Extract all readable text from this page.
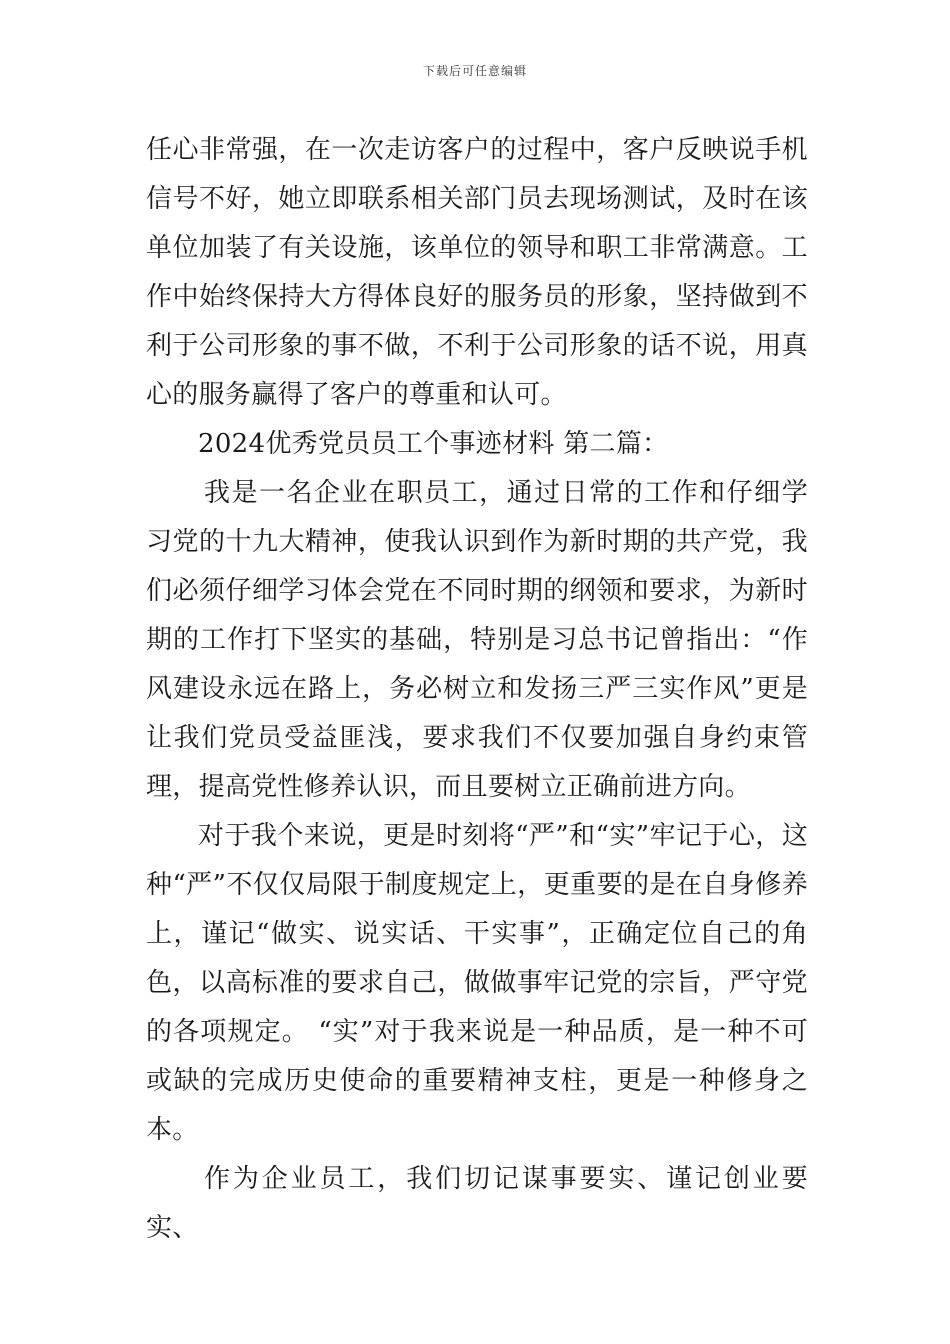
下载后可任意编辑

任心非常强，在一次走访客户的过程中，客户反映说手机信号不好，她立即联系相关部门员去现场测试，及时在该单位加装了有关设施，该单位的领导和职工非常满意。工作中始终保持大方得体良好的服务员的形象，坚持做到不利于公司形象的事不做，不利于公司形象的话不说，用真心的服务赢得了客户的尊重和认可。

2024优秀党员员工个事迹材料 第二篇：

我是一名企业在职员工，通过日常的工作和仔细学习党的十九大精神，使我认识到作为新时期的共产党，我们必须仔细学习体会党在不同时期的纲领和要求，为新时期的工作打下坚实的基础，特别是习总书记曾指出：“作风建设永远在路上，务必树立和发扬三严三实作风”更是让我们党员受益匪浅，要求我们不仅要加强自身约束管理，提高党性修养认识，而且要树立正确前进方向。

对于我个来说，更是时刻将“严”和“实”牢记于心，这种“严”不仅仅局限于制度规定上，更重要的是在自身修养上，谨记“做实、说实话、干实事”，正确定位自己的角色，以高标准的要求自己，做做事牢记党的宗旨，严守党的各项规定。 “实”对于我来说是一种品质，是一种不可或缺的完成历史使命的重要精神支柱，更是一种修身之本。

作为企业员工，我们切记谋事要实、谨记创业要实、
